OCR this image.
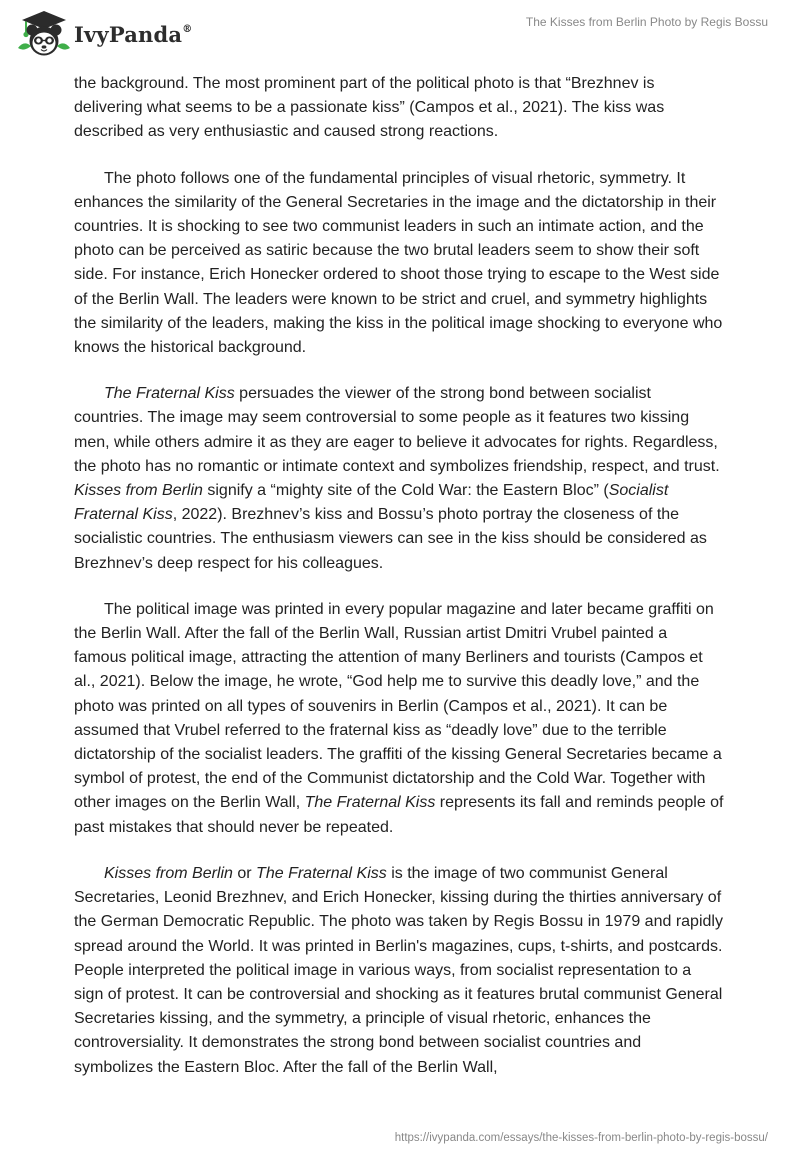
IvyPanda®	The Kisses from Berlin Photo by Regis Bossu

the background. The most prominent part of the political photo is that “Brezhnev is delivering what seems to be a passionate kiss” (Campos et al., 2021). The kiss was described as very enthusiastic and caused strong reactions.

The photo follows one of the fundamental principles of visual rhetoric, symmetry. It enhances the similarity of the General Secretaries in the image and the dictatorship in their countries. It is shocking to see two communist leaders in such an intimate action, and the photo can be perceived as satiric because the two brutal leaders seem to show their soft side. For instance, Erich Honecker ordered to shoot those trying to escape to the West side of the Berlin Wall. The leaders were known to be strict and cruel, and symmetry highlights the similarity of the leaders, making the kiss in the political image shocking to everyone who knows the historical background.

The Fraternal Kiss persuades the viewer of the strong bond between socialist countries. The image may seem controversial to some people as it features two kissing men, while others admire it as they are eager to believe it advocates for rights. Regardless, the photo has no romantic or intimate context and symbolizes friendship, respect, and trust. Kisses from Berlin signify a “mighty site of the Cold War: the Eastern Bloc” (Socialist Fraternal Kiss, 2022). Brezhnev’s kiss and Bossu’s photo portray the closeness of the socialistic countries. The enthusiasm viewers can see in the kiss should be considered as Brezhnev’s deep respect for his colleagues.

The political image was printed in every popular magazine and later became graffiti on the Berlin Wall. After the fall of the Berlin Wall, Russian artist Dmitri Vrubel painted a famous political image, attracting the attention of many Berliners and tourists (Campos et al., 2021). Below the image, he wrote, “God help me to survive this deadly love,” and the photo was printed on all types of souvenirs in Berlin (Campos et al., 2021). It can be assumed that Vrubel referred to the fraternal kiss as “deadly love” due to the terrible dictatorship of the socialist leaders. The graffiti of the kissing General Secretaries became a symbol of protest, the end of the Communist dictatorship and the Cold War. Together with other images on the Berlin Wall, The Fraternal Kiss represents its fall and reminds people of past mistakes that should never be repeated.

Kisses from Berlin or The Fraternal Kiss is the image of two communist General Secretaries, Leonid Brezhnev, and Erich Honecker, kissing during the thirties anniversary of the German Democratic Republic. The photo was taken by Regis Bossu in 1979 and rapidly spread around the World. It was printed in Berlin's magazines, cups, t-shirts, and postcards. People interpreted the political image in various ways, from socialist representation to a sign of protest. It can be controversial and shocking as it features brutal communist General Secretaries kissing, and the symmetry, a principle of visual rhetoric, enhances the controversiality. It demonstrates the strong bond between socialist countries and symbolizes the Eastern Bloc. After the fall of the Berlin Wall,

https://ivypanda.com/essays/the-kisses-from-berlin-photo-by-regis-bossu/
